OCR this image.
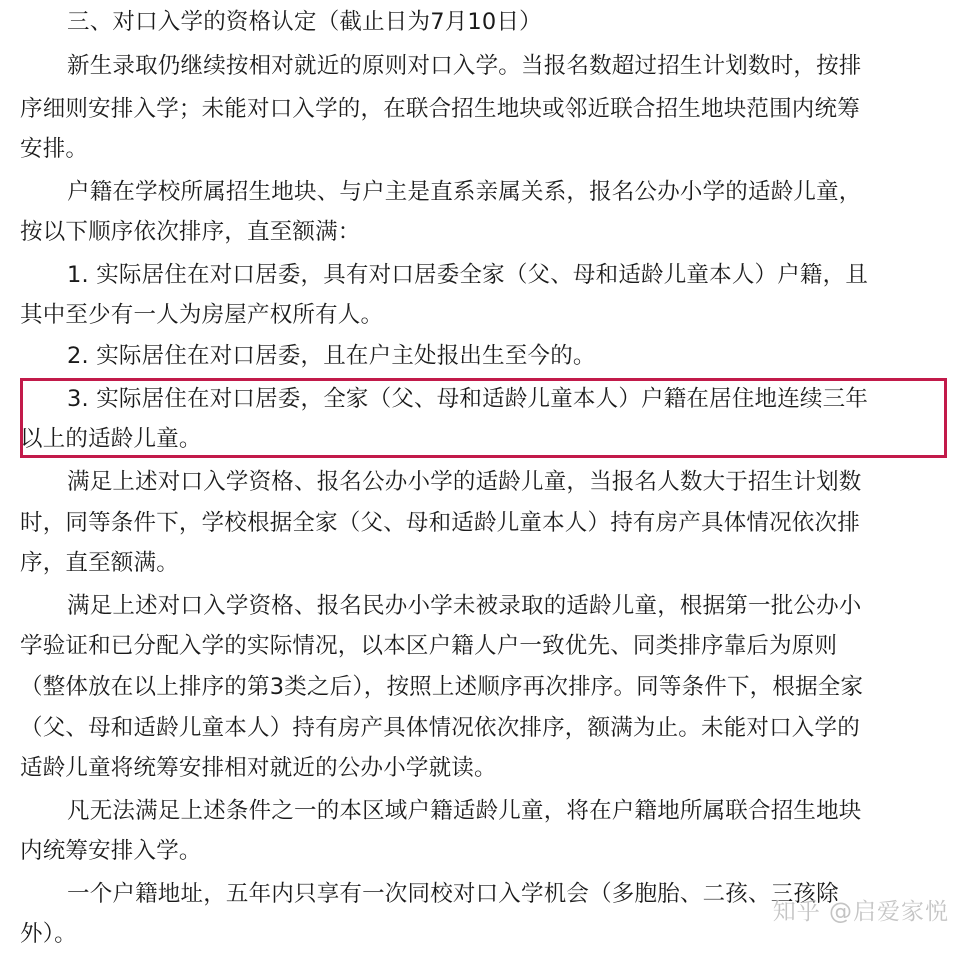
三、对口入学的资格认定（截止日为7月10日）
新生录取仍继续按相对就近的原则对口入学。当报名数超过招生计划数时，按排
序细则安排入学；未能对口入学的，在联合招生地块或邻近联合招生地块范围内统筹
安排。
户籍在学校所属招生地块、与户主是直系亲属关系，报名公办小学的适龄儿童，
按以下顺序依次排序，直至额满：
1. 实际居住在对口居委，具有对口居委全家（父、母和适龄儿童本人）户籍，且
其中至少有一人为房屋产权所有人。
2. 实际居住在对口居委，且在户主处报出生至今的。
3. 实际居住在对口居委，全家（父、母和适龄儿童本人）户籍在居住地连续三年
以上的适龄儿童。
满足上述对口入学资格、报名公办小学的适龄儿童，当报名人数大于招生计划数
时，同等条件下，学校根据全家（父、母和适龄儿童本人）持有房产具体情况依次排
序，直至额满。
满足上述对口入学资格、报名民办小学未被录取的适龄儿童，根据第一批公办小
学验证和已分配入学的实际情况，以本区户籍人户一致优先、同类排序靠后为原则
（整体放在以上排序的第3类之后），按照上述顺序再次排序。同等条件下，根据全家
（父、母和适龄儿童本人）持有房产具体情况依次排序，额满为止。未能对口入学的
适龄儿童将统筹安排相对就近的公办小学就读。
凡无法满足上述条件之一的本区域户籍适龄儿童，将在户籍地所属联合招生地块
内统筹安排入学。
一个户籍地址，五年内只享有一次同校对口入学机会（多胞胎、二孩、三孩除
外）。
知乎 @启爱家悦
